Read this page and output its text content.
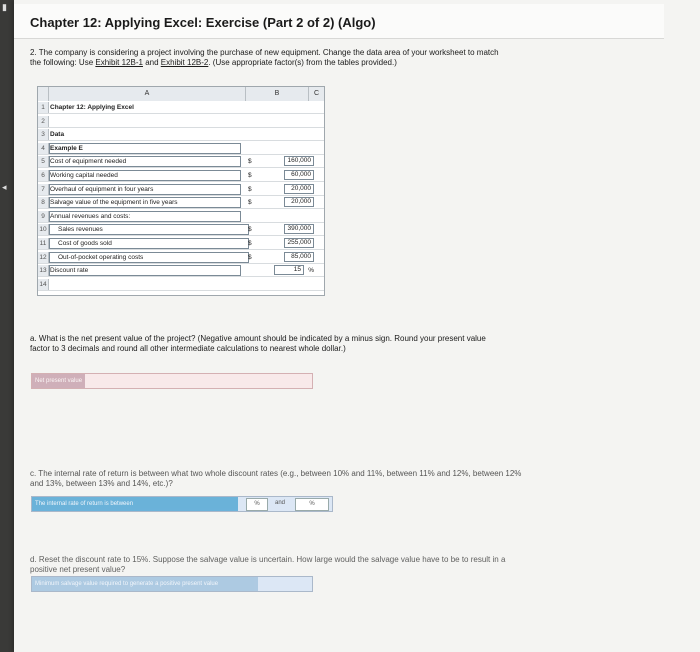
▮
◂
Chapter 12: Applying Excel: Exercise (Part 2 of 2) (Algo)
2. The company is considering a project involving the purchase of new equipment. Change the data area of your worksheet to match
the following: Use Exhibit 12B-1 and Exhibit 12B-2. (Use appropriate factor(s) from the tables provided.)
A	B	C
1 Chapter 12: Applying Excel
2
3 Data
4 Example E
5 Cost of equipment needed	$	160,000
6 Working capital needed	$	60,000
7 Overhaul of equipment in four years	$	20,000
8 Salvage value of the equipment in five years	$	20,000
9 Annual revenues and costs:
10	Sales revenues	$	390,000
11	Cost of goods sold	$	255,000
12	Out-of-pocket operating costs	$	85,000
13 Discount rate	15	%
14
a. What is the net present value of the project? (Negative amount should be indicated by a minus sign. Round your present value
factor to 3 decimals and round all other intermediate calculations to nearest whole dollar.)
Net present value
c. The internal rate of return is between what two whole discount rates (e.g., between 10% and 11%, between 11% and 12%, between 12%
and 13%, between 13% and 14%, etc.)?
The internal rate of return is between	%	and	%
d. Reset the discount rate to 15%. Suppose the salvage value is uncertain. How large would the salvage value have to be to result in a
positive net present value?
Minimum salvage value required to generate a positive present value
